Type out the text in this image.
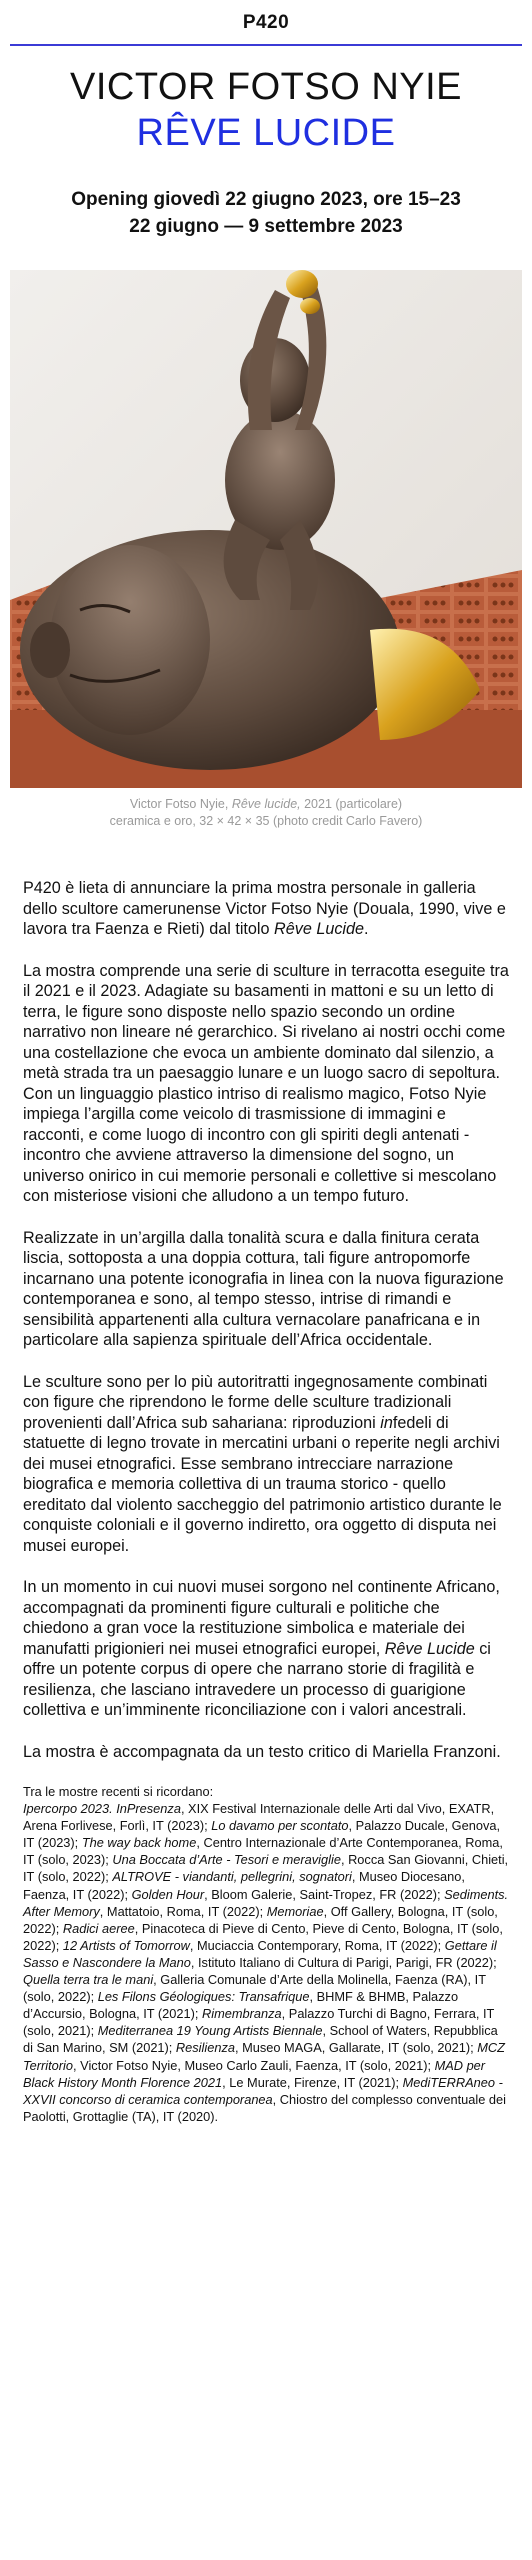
P420
VICTOR FOTSO NYIE
RÊVE LUCIDE
Opening giovedì 22 giugno 2023, ore 15–23
22 giugno — 9 settembre 2023
Victor Fotso Nyie, Rêve lucide, 2021 (particolare)
ceramica e oro, 32 × 42 × 35 (photo credit Carlo Favero)

P420 è lieta di annunciare la prima mostra personale in galleria dello scultore camerunense Victor Fotso Nyie (Douala, 1990, vive e lavora tra Faenza e Rieti) dal titolo Rêve Lucide.

La mostra comprende una serie di sculture in terracotta eseguite tra il 2021 e il 2023. Adagiate su basamenti in mattoni e su un letto di terra, le figure sono disposte nello spazio secondo un ordine narrativo non lineare né gerarchico. Si rivelano ai nostri occhi come una costellazione che evoca un ambiente dominato dal silenzio, a metà strada tra un paesaggio lunare e un luogo sacro di sepoltura. Con un linguaggio plastico intriso di realismo magico, Fotso Nyie impiega l’argilla come veicolo di trasmissione di immagini e racconti, e come luogo di incontro con gli spiriti degli antenati - incontro che avviene attraverso la dimensione del sogno, un universo onirico in cui memorie personali e collettive si mescolano con misteriose visioni che alludono a un tempo futuro.

Realizzate in un’argilla dalla tonalità scura e dalla finitura cerata liscia, sottoposta a una doppia cottura, tali figure antropomorfe incarnano una potente iconografia in linea con la nuova figurazione contemporanea e sono, al tempo stesso, intrise di rimandi e sensibilità appartenenti alla cultura vernacolare panafricana e in particolare alla sapienza spirituale dell’Africa occidentale.

Le sculture sono per lo più autoritratti ingegnosamente combinati con figure che riprendono le forme delle sculture tradizionali provenienti dall’Africa sub sahariana: riproduzioni infedeli di statuette di legno trovate in mercatini urbani o reperite negli archivi dei musei etnografici. Esse sembrano intrecciare narrazione biografica e memoria collettiva di un trauma storico - quello ereditato dal violento saccheggio del patrimonio artistico durante le conquiste coloniali e il governo indiretto, ora oggetto di disputa nei musei europei.

In un momento in cui nuovi musei sorgono nel continente Africano, accompagnati da prominenti figure culturali e politiche che chiedono a gran voce la restituzione simbolica e materiale dei manufatti prigionieri nei musei etnografici europei, Rêve Lucide ci offre un potente corpus di opere che narrano storie di fragilità e resilienza, che lasciano intravedere un processo di guarigione collettiva e un’imminente riconciliazione con i valori ancestrali.

La mostra è accompagnata da un testo critico di Mariella Franzoni.

Tra le mostre recenti si ricordano:
Ipercorpo 2023. InPresenza, XIX Festival Internazionale delle Arti dal Vivo, EXATR, Arena Forlivese, Forlì, IT (2023); Lo davamo per scontato, Palazzo Ducale, Genova, IT (2023); The way back home, Centro Internazionale d’Arte Contemporanea, Roma, IT (solo, 2023); Una Boccata d’Arte - Tesori e meraviglie, Rocca San Giovanni, Chieti, IT (solo, 2022); ALTROVE - viandanti, pellegrini, sognatori, Museo Diocesano, Faenza, IT (2022); Golden Hour, Bloom Galerie, Saint-Tropez, FR (2022); Sediments. After Memory, Mattatoio, Roma, IT (2022); Memoriae, Off Gallery, Bologna, IT (solo, 2022); Radici aeree, Pinacoteca di Pieve di Cento, Pieve di Cento, Bologna, IT (solo, 2022); 12 Artists of Tomorrow, Muciaccia Contemporary, Roma, IT (2022); Gettare il Sasso e Nascondere la Mano, Istituto Italiano di Cultura di Parigi, Parigi, FR (2022); Quella terra tra le mani, Galleria Comunale d’Arte della Molinella, Faenza (RA), IT (solo, 2022); Les Filons Géologiques: Transafrique, BHMF & BHMB, Palazzo d’Accursio, Bologna, IT (2021); Rimembranza, Palazzo Turchi di Bagno, Ferrara, IT (solo, 2021); Mediterranea 19 Young Artists Biennale, School of Waters, Repubblica di San Marino, SM (2021); Resilienza, Museo MAGA, Gallarate, IT (solo, 2021); MCZ Territorio, Victor Fotso Nyie, Museo Carlo Zauli, Faenza, IT (solo, 2021); MAD per Black History Month Florence 2021, Le Murate, Firenze, IT (2021); MediTERRAneo - XXVII concorso di ceramica contemporanea, Chiostro del complesso conventuale dei Paolotti, Grottaglie (TA), IT (2020).
